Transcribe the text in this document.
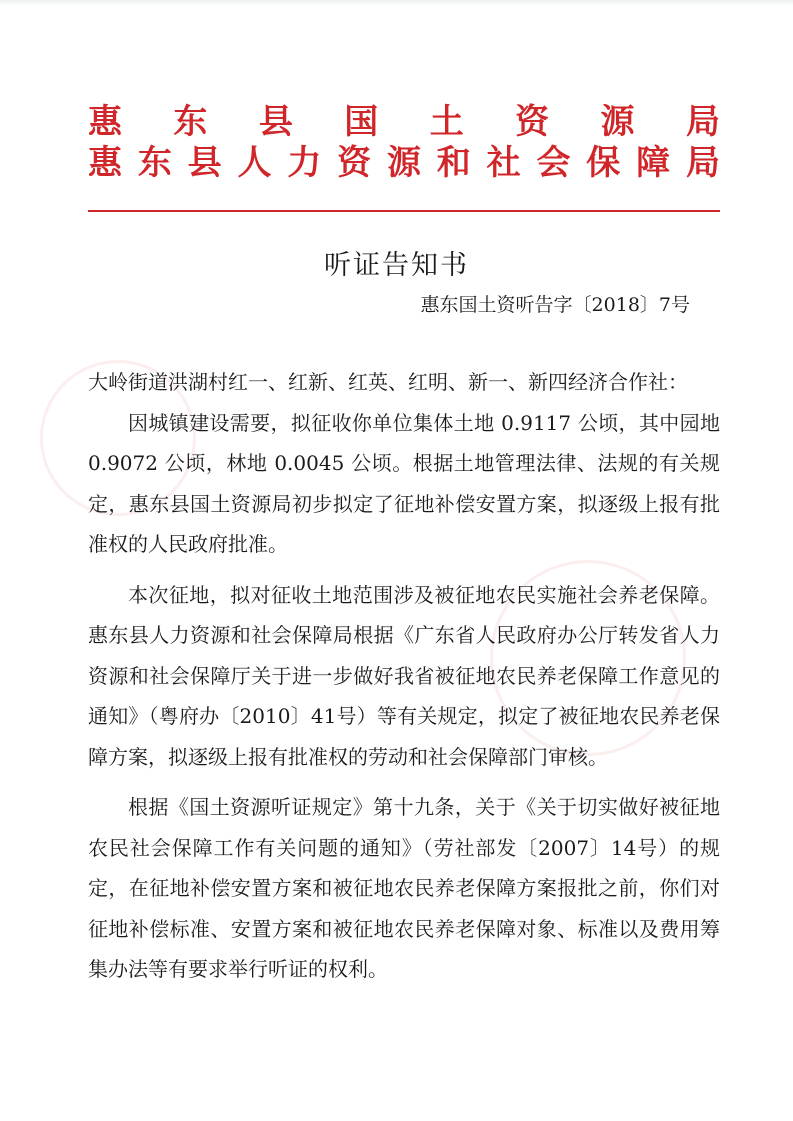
惠 东 县 国 土 资 源 局
惠 东 县 人 力 资 源 和 社 会 保 障 局
听证告知书
惠东国土资听告字〔2018〕7号

大岭街道洪湖村红一、红新、红英、红明、新一、新四经济合作社：

因城镇建设需要，拟征收你单位集体土地 0.9117 公顷，其中园地 0.9072 公顷，林地 0.0045 公顷。根据土地管理法律、法规的有关规定，惠东县国土资源局初步拟定了征地补偿安置方案，拟逐级上报有批准权的人民政府批准。

本次征地，拟对征收土地范围涉及被征地农民实施社会养老保障。惠东县人力资源和社会保障局根据《广东省人民政府办公厅转发省人力资源和社会保障厅关于进一步做好我省被征地农民养老保障工作意见的通知》（粤府办〔2010〕41号）等有关规定，拟定了被征地农民养老保障方案，拟逐级上报有批准权的劳动和社会保障部门审核。

根据《国土资源听证规定》第十九条，关于《关于切实做好被征地农民社会保障工作有关问题的通知》（劳社部发〔2007〕14号）的规定，在征地补偿安置方案和被征地农民养老保障方案报批之前，你们对征地补偿标准、安置方案和被征地农民养老保障对象、标准以及费用筹集办法等有要求举行听证的权利。
